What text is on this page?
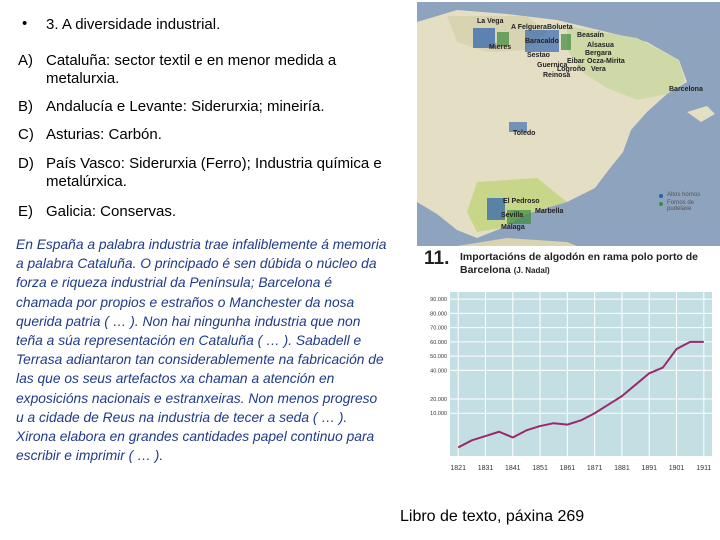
• 3. A diversidade industrial.
A) Cataluña: sector textil e en menor medida a metalurxia.
B) Andalucía e Levante: Siderurxia; mineiría.
C) Asturias: Carbón.
D) País Vasco: Siderurxia (Ferro); Industria química e metalúrxica.
E) Galicia: Conservas.
En España a palabra industria trae infaliblemente á memoria a palabra Cataluña. O principado é sen dúbida o núcleo da forza e riqueza industrial da Península; Barcelona é chamada por propios e estraños o Manchester da nosa querida patria ( … ). Non hai ningunha industria que non teña a súa representación en Cataluña ( … ). Sabadell e Terrasa adiantaron tan considerablemente na fabricación de las que os seus artefactos xa chaman a atención en exposicións nacionais e estranxeiras. Non menos progreso u a cidade de Reus na industria de tecer a seda ( … ). Xirona elabora en grandes cantidades papel continuo para escribir e imprimir ( … ).
Libro de texto, páxina 269
La Vega
A Felguera Bolueta
Mieres
Baracaldo
Sestao
Alsasua
Beasaín
Guernica
Bergara
Eibar Ocza-Mirita
Reinosa
Logroño Vera
Barcelona
Toledo
El Pedroso
Marbella
Sevilla
Málaga
Altos hornos
Fornos de pudelaxe
11. Importacións de algodón en rama polo porto de Barcelona (J. Nadal)
1821 1831 1841 1851 1861 1871 1881 1891 1901 1911
10.000
20.000
40.000
50.000
60.000
70.000
80.000
90.000
